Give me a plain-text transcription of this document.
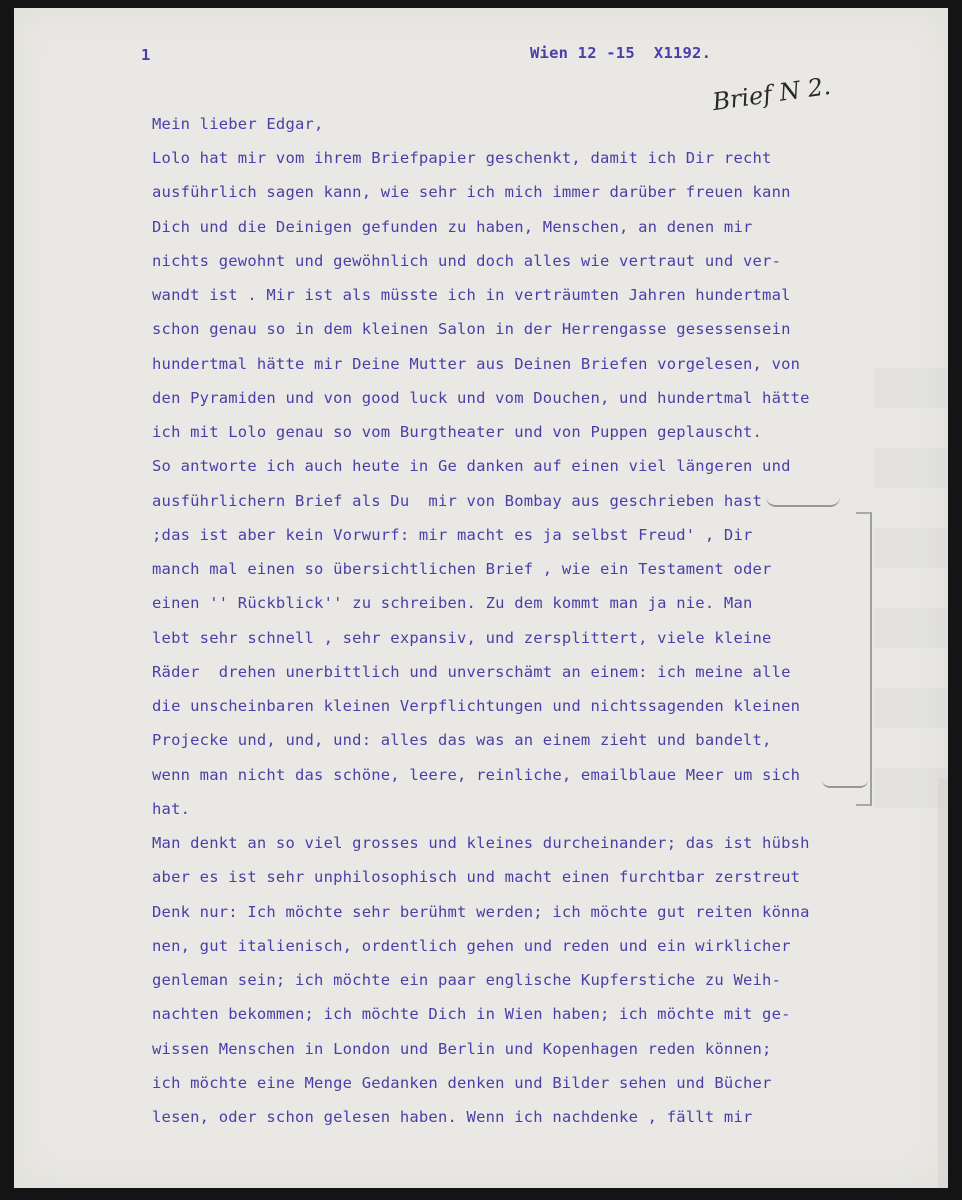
1	Wien 12 -15  X1192.
Brief N 2.
Mein lieber Edgar,
Lolo hat mir vom ihrem Briefpapier geschenkt, damit ich Dir recht
ausführlich sagen kann, wie sehr ich mich immer darüber freuen kann
Dich und die Deinigen gefunden zu haben, Menschen, an denen mir
nichts gewohnt und gewöhnlich und doch alles wie vertraut und ver-
wandt ist . Mir ist als müsste ich in verträumten Jahren hundertmal
schon genau so in dem kleinen Salon in der Herrengasse gesessensein
hundertmal hätte mir Deine Mutter aus Deinen Briefen vorgelesen, von
den Pyramiden und von good luck und vom Douchen, und hundertmal hätte
ich mit Lolo genau so vom Burgtheater und von Puppen geplauscht.
So antworte ich auch heute in Ge danken auf einen viel längeren und
ausführlichern Brief als Du  mir von Bombay aus geschrieben hast
;das ist aber kein Vorwurf: mir macht es ja selbst Freud' , Dir
manch mal einen so übersichtlichen Brief , wie ein Testament oder
einen '' Rückblick'' zu schreiben. Zu dem kommt man ja nie. Man
lebt sehr schnell , sehr expansiv, und zersplittert, viele kleine
Räder  drehen unerbittlich und unverschämt an einem: ich meine alle
die unscheinbaren kleinen Verpflichtungen und nichtssagenden kleinen
Projecke und, und, und: alles das was an einem zieht und bandelt,
wenn man nicht das schöne, leere, reinliche, emailblaue Meer um sich
hat.
Man denkt an so viel grosses und kleines durcheinander; das ist hübsh
aber es ist sehr unphilosophisch und macht einen furchtbar zerstreut
Denk nur: Ich möchte sehr berühmt werden; ich möchte gut reiten könna
nen, gut italienisch, ordentlich gehen und reden und ein wirklicher
genleman sein; ich möchte ein paar englische Kupferstiche zu Weih-
nachten bekommen; ich möchte Dich in Wien haben; ich möchte mit ge-
wissen Menschen in London und Berlin und Kopenhagen reden können;
ich möchte eine Menge Gedanken denken und Bilder sehen und Bücher
lesen, oder schon gelesen haben. Wenn ich nachdenke , fällt mir
